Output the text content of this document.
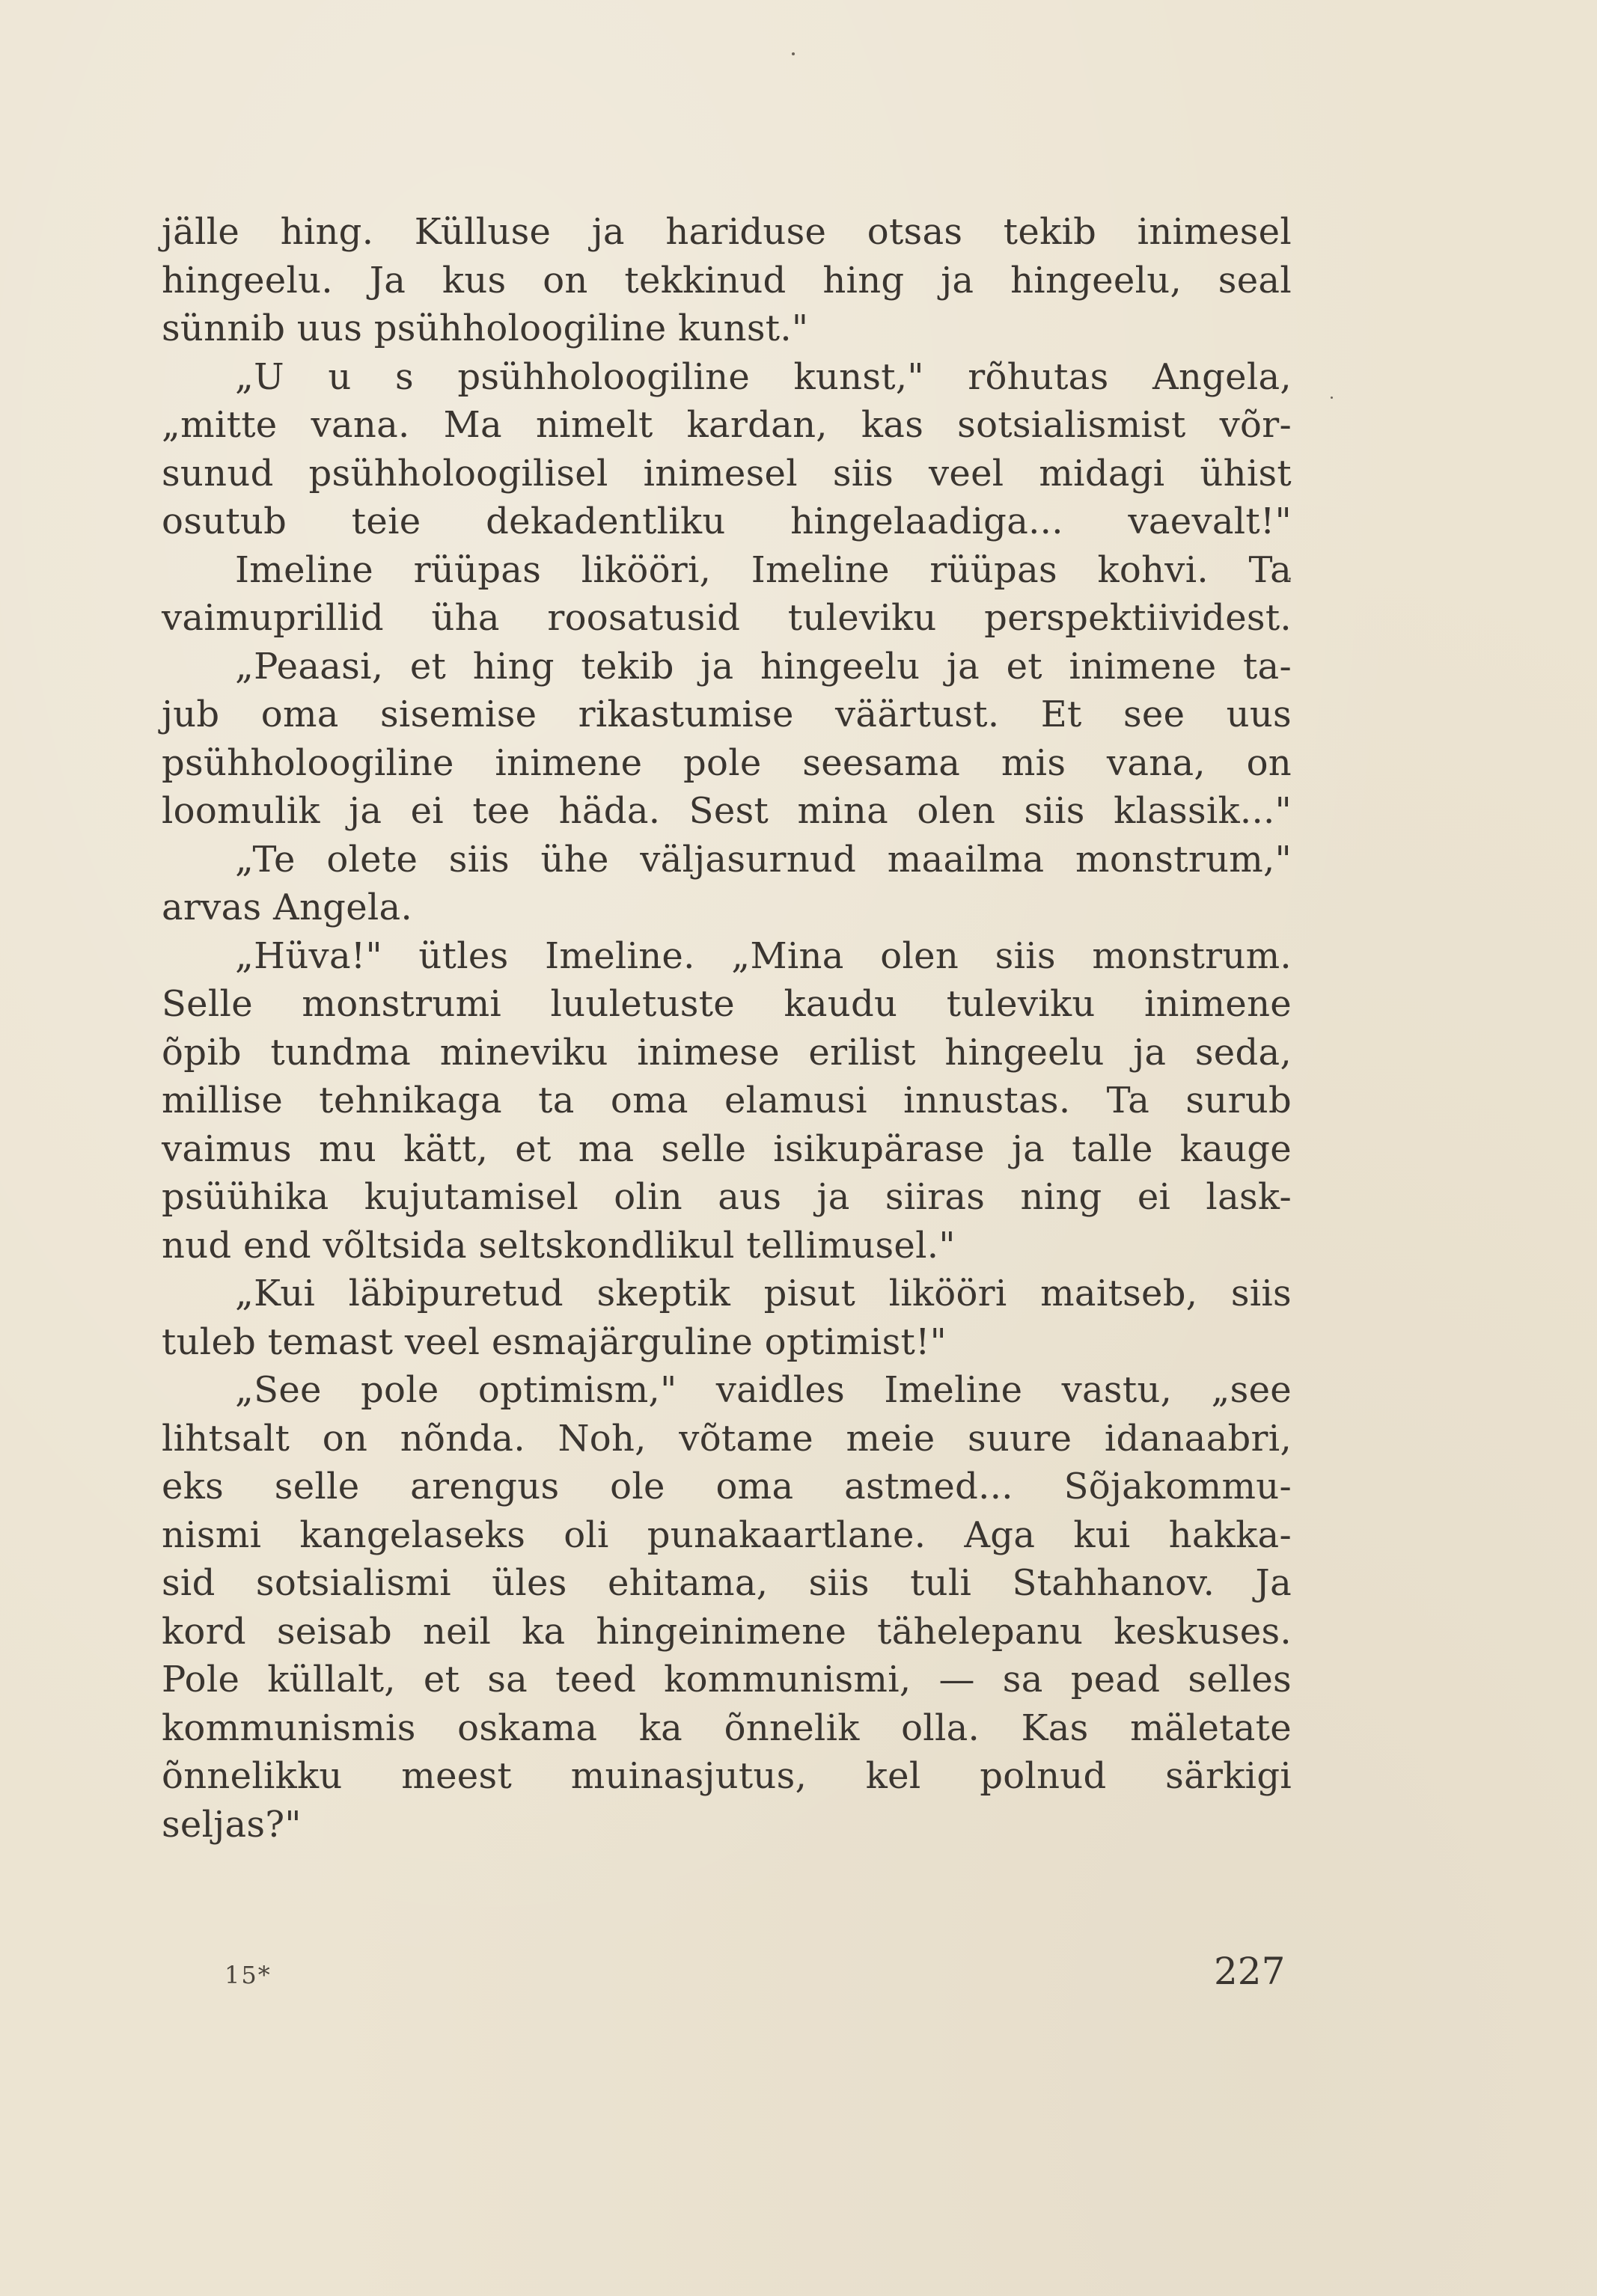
jälle hing. Külluse ja hariduse otsas tekib inimesel
hingeelu. Ja kus on tekkinud hing ja hingeelu, seal
sünnib uus psühholoogiline kunst."
„U u s psühholoogiline kunst," rõhutas Angela,
„mitte vana. Ma nimelt kardan, kas sotsialismist võr-
sunud psühholoogilisel inimesel siis veel midagi ühist
osutub teie dekadentliku hingelaadiga... vaevalt!"
Imeline rüüpas likööri, Imeline rüüpas kohvi. Ta
vaimuprillid üha roosatusid tuleviku perspektiividest.
„Peaasi, et hing tekib ja hingeelu ja et inimene ta-
jub oma sisemise rikastumise väärtust. Et see uus
psühholoogiline inimene pole seesama mis vana, on
loomulik ja ei tee häda. Sest mina olen siis klassik..."
„Te olete siis ühe väljasurnud maailma monstrum,"
arvas Angela.
„Hüva!" ütles Imeline. „Mina olen siis monstrum.
Selle monstrumi luuletuste kaudu tuleviku inimene
õpib tundma mineviku inimese erilist hingeelu ja seda,
millise tehnikaga ta oma elamusi innustas. Ta surub
vaimus mu kätt, et ma selle isikupärase ja talle kauge
psüühika kujutamisel olin aus ja siiras ning ei lask-
nud end võltsida seltskondlikul tellimusel."
„Kui läbipuretud skeptik pisut likööri maitseb, siis
tuleb temast veel esmajärguline optimist!"
„See pole optimism," vaidles Imeline vastu, „see
lihtsalt on nõnda. Noh, võtame meie suure idanaabri,
eks selle arengus ole oma astmed... Sõjakommu-
nismi kangelaseks oli punakaartlane. Aga kui hakka-
sid sotsialismi üles ehitama, siis tuli Stahhanov. Ja
kord seisab neil ka hingeinimene tähelepanu keskuses.
Pole küllalt, et sa teed kommunismi, — sa pead selles
kommunismis oskama ka õnnelik olla. Kas mäletate
õnnelikku meest muinasjutus, kel polnud särkigi
seljas?"
15*	227
